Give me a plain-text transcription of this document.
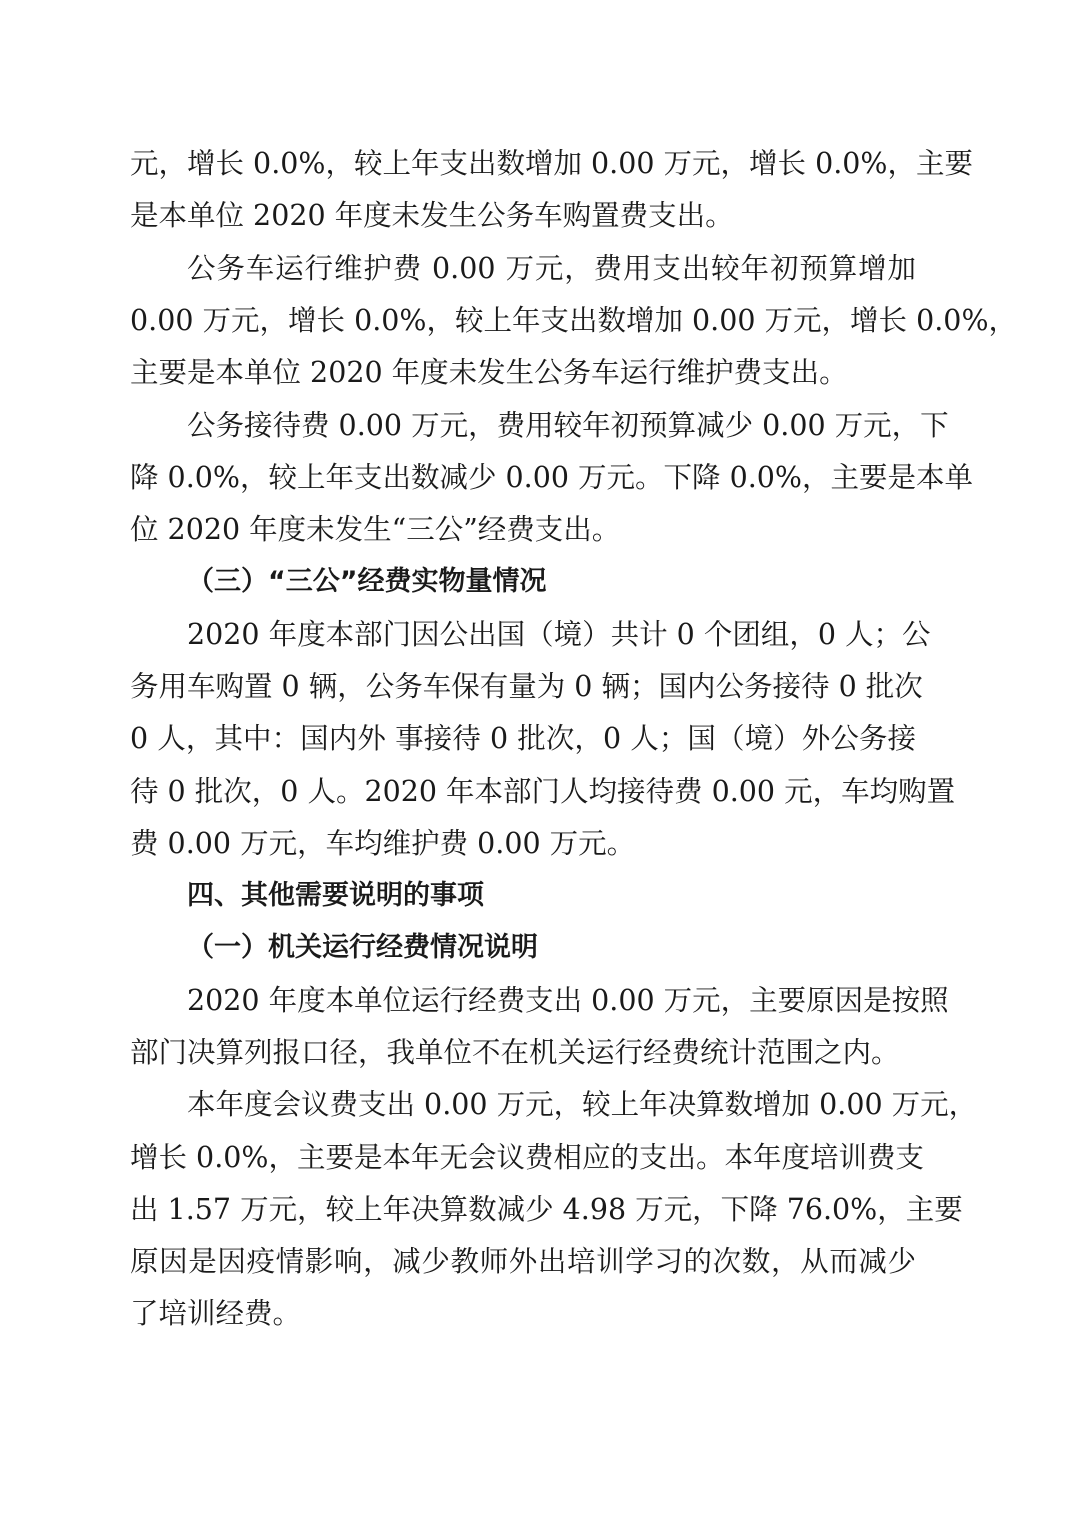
元，增长 0.0%，较上年支出数增加 0.00 万元，增长 0.0%，主要
是本单位 2020 年度未发生公务车购置费支出。
公务车运行维护费 0.00 万元，费用支出较年初预算增加
0.00 万元，增长 0.0%，较上年支出数增加 0.00 万元，增长 0.0%，
主要是本单位 2020 年度未发生公务车运行维护费支出。
公务接待费 0.00 万元，费用较年初预算减少 0.00 万元，下
降 0.0%，较上年支出数减少 0.00 万元。下降 0.0%，主要是本单
位 2020 年度未发生“三公”经费支出。
（三）“三公”经费实物量情况
2020 年度本部门因公出国（境）共计 0 个团组，0 人；公
务用车购置 0 辆，公务车保有量为 0 辆；国内公务接待 0 批次
0 人，其中：国内外 事接待 0 批次，0 人；国（境）外公务接
待 0 批次，0 人。2020 年本部门人均接待费 0.00 元，车均购置
费 0.00 万元，车均维护费 0.00 万元。
四、其他需要说明的事项
（一）机关运行经费情况说明
2020 年度本单位运行经费支出 0.00 万元，主要原因是按照
部门决算列报口径，我单位不在机关运行经费统计范围之内。
本年度会议费支出 0.00 万元，较上年决算数增加 0.00 万元，
增长 0.0%，主要是本年无会议费相应的支出。本年度培训费支
出 1.57 万元，较上年决算数减少 4.98 万元，下降 76.0%，主要
原因是因疫情影响，减少教师外出培训学习的次数，从而减少
了培训经费。
